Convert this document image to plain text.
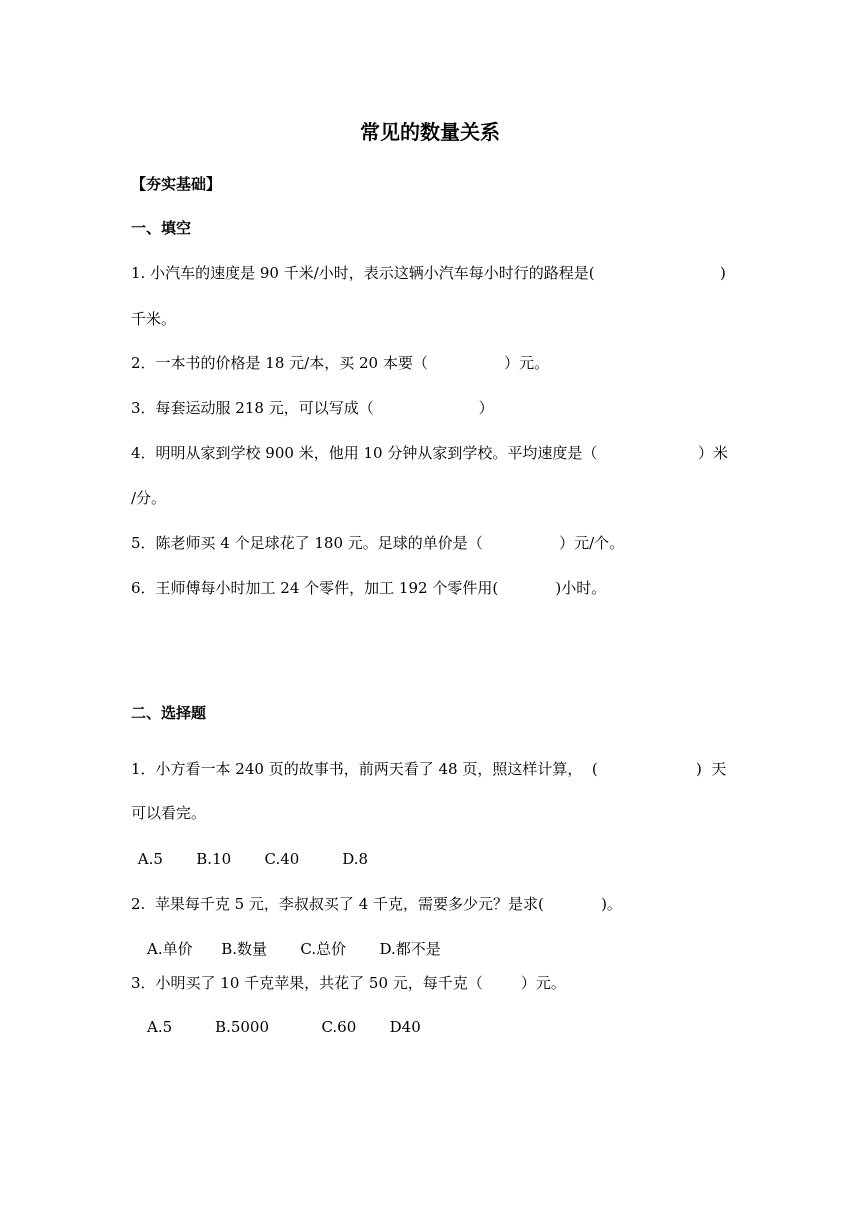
常见的数量关系
【夯实基础】
一、填空
1. 小汽车的速度是 90 千米/小时，表示这辆小汽车每小时行的路程是(	)
千米。
2．一本书的价格是 18 元/本，买 20 本要（                ）元。
3．每套运动服 218 元，可以写成（                      ）
4．明明从家到学校 900 米，他用 10 分钟从家到学校。平均速度是（	）米
/分。
5．陈老师买 4 个足球花了 180 元。足球的单价是（                ）元/个。
6．王师傅每小时加工 24 个零件，加工 192 个零件用(            )小时。
二、选择题
1．小方看一本 240 页的故事书，前两天看了 48 页，照这样计算，  (	)  天
可以看完。
A.5       B.10       C.40         D.8
2.  苹果每千克 5 元，李叔叔买了 4 千克，需要多少元？是求(            )。
A.单价      B.数量       C.总价       D.都不是
3．小明买了 10 千克苹果，共花了 50 元，每千克（        ）元。
A.5         B.5000           C.60       D40
